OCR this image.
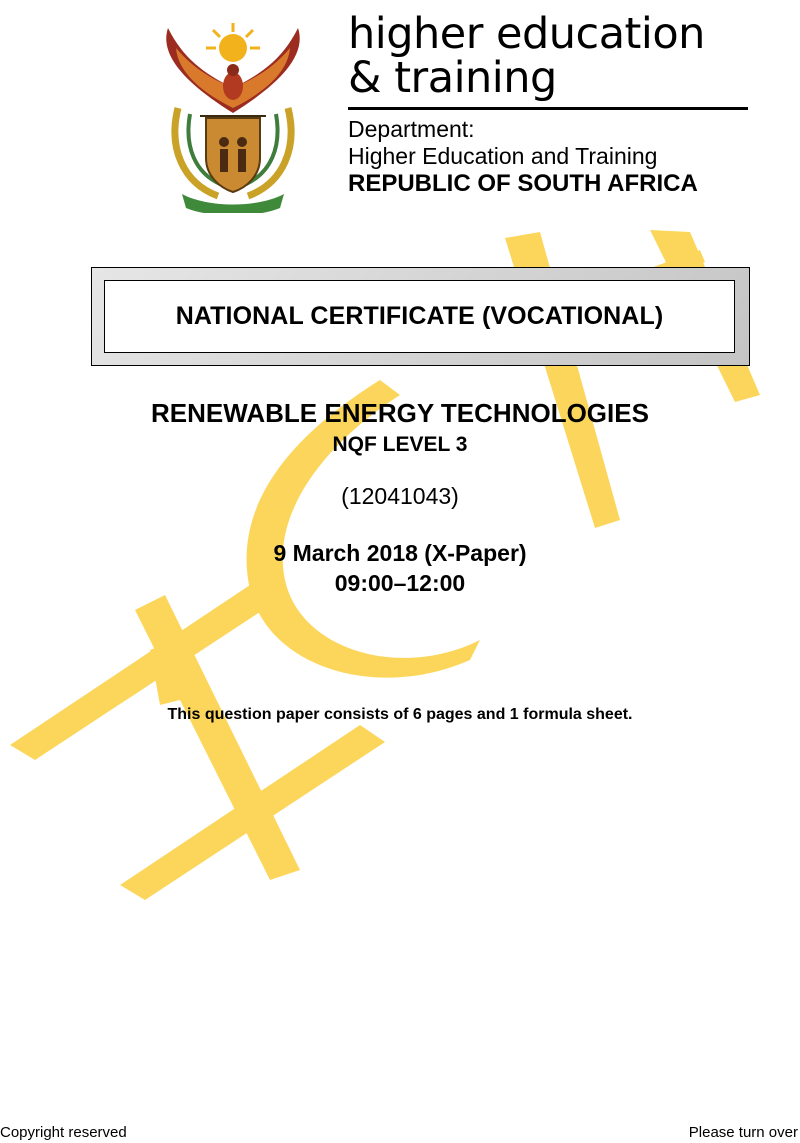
higher education
& training
Department:
Higher Education and Training
REPUBLIC OF SOUTH AFRICA
NATIONAL CERTIFICATE (VOCATIONAL)
RENEWABLE ENERGY TECHNOLOGIES
NQF LEVEL 3
(12041043)
9 March 2018 (X-Paper)
09:00–12:00
This question paper consists of 6 pages and 1 formula sheet.
Copyright reserved	Please turn over
